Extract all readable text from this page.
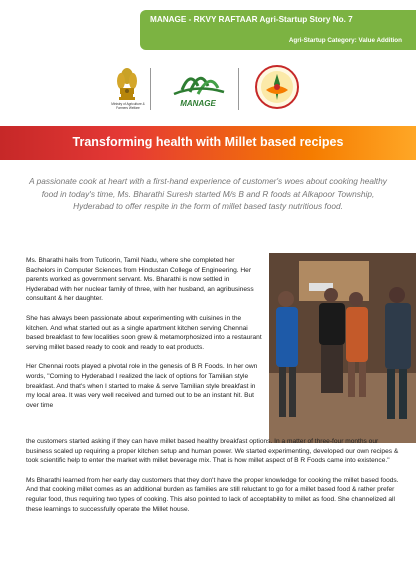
MANAGE - RKVY RAFTAAR Agri-Startup Story No. 7
Agri-Startup Category: Value Addition
Ministry of Agriculture & Farmers Welfare	MANAGE
Transforming health with Millet based recipes

A passionate cook at heart with a first-hand experience of customer's woes about cooking healthy food in today's time, Ms. Bharathi Suresh started M/s B and R foods at Alkapoor Township, Hyderabad to offer respite in the form of millet based tasty nutritious food.

Ms. Bharathi hails from Tuticorin, Tamil Nadu, where she completed her Bachelors in Computer Sciences from Hindustan College of Engineering. Her parents worked as government servant. Ms. Bharathi is now settled in Hyderabad with her nuclear family of three, with her husband, an agribusiness consultant & her daughter.

She has always been passionate about experimenting with cuisines in the kitchen. And what started out as a single apartment kitchen serving Chennai based breakfast to few localities soon grew & metamorphosized into a restaurant serving millet based ready to cook and ready to eat products.

Her Chennai roots played a pivotal role in the genesis of B R Foods. In her own words, "Coming to Hyderabad I realized the lack of options for Tamilian style breakfast. And that's when I started to make & serve Tamilian style breakfast in my local area. It was very well received and turned out to be an instant hit. But over time

the customers started asking if they can have millet based healthy breakfast options. In a matter of three-four months our business scaled up requiring a proper kitchen setup and human power. We started experimenting, developed our own recipes & took scientific help to enter the market with millet beverage mix. That is how millet aspect of B R Foods came into existence."

Ms Bharathi learned from her early day customers that they don't have the proper knowledge for cooking the millet based foods. And that cooking millet comes as an additional burden as families are still reluctant to go for a millet based food & rather prefer regular food, thus requiring two types of cooking. This also pointed to lack of acceptability to millet as food. She channelized all these learnings to successfully operate the Millet house.
